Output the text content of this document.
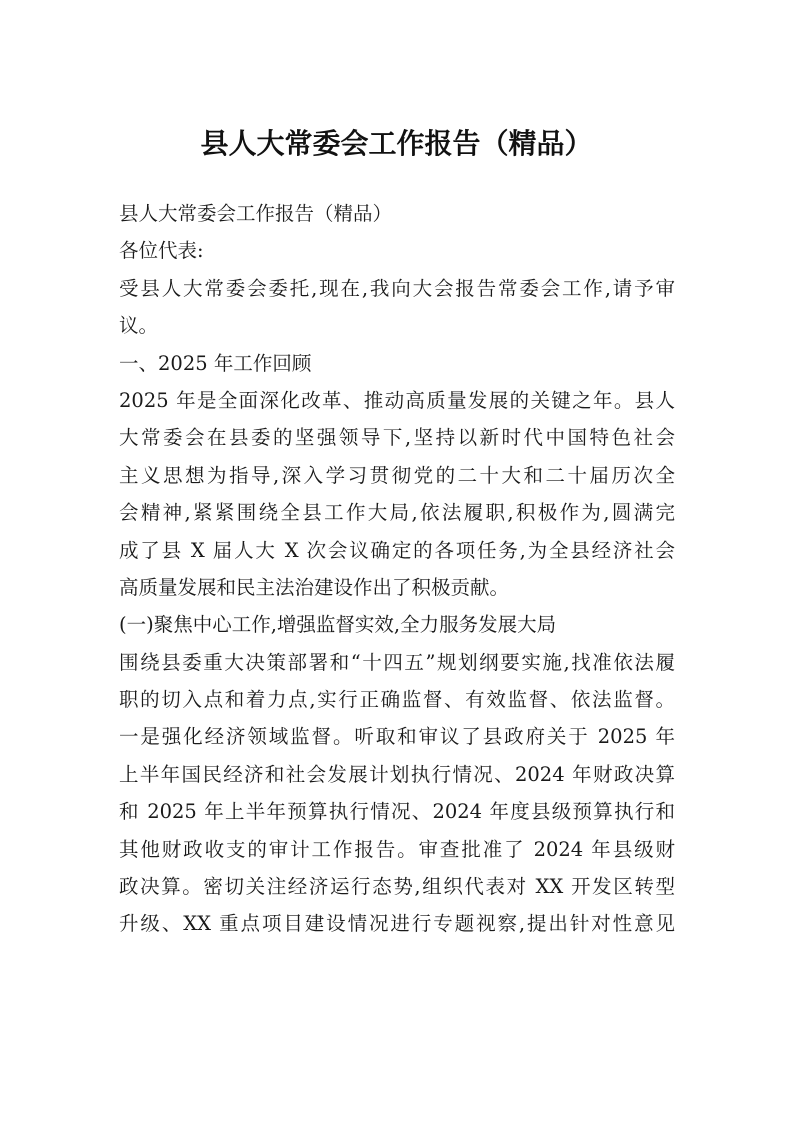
县人大常委会工作报告（精品）
县人大常委会工作报告（精品）
各位代表:
受县人大常委会委托,现在,我向大会报告常委会工作,请予审
议。
一、2025 年工作回顾
2025 年是全面深化改革、推动高质量发展的关键之年。县人
大常委会在县委的坚强领导下,坚持以新时代中国特色社会
主义思想为指导,深入学习贯彻党的二十大和二十届历次全
会精神,紧紧围绕全县工作大局,依法履职,积极作为,圆满完
成了县 X 届人大 X 次会议确定的各项任务,为全县经济社会
高质量发展和民主法治建设作出了积极贡献。
(一)聚焦中心工作,增强监督实效,全力服务发展大局
围绕县委重大决策部署和“十四五”规划纲要实施,找准依法履
职的切入点和着力点,实行正确监督、有效监督、依法监督。
一是强化经济领域监督。听取和审议了县政府关于 2025 年
上半年国民经济和社会发展计划执行情况、2024 年财政决算
和 2025 年上半年预算执行情况、2024 年度县级预算执行和
其他财政收支的审计工作报告。审查批准了 2024 年县级财
政决算。密切关注经济运行态势,组织代表对 XX 开发区转型
升级、XX 重点项目建设情况进行专题视察,提出针对性意见
